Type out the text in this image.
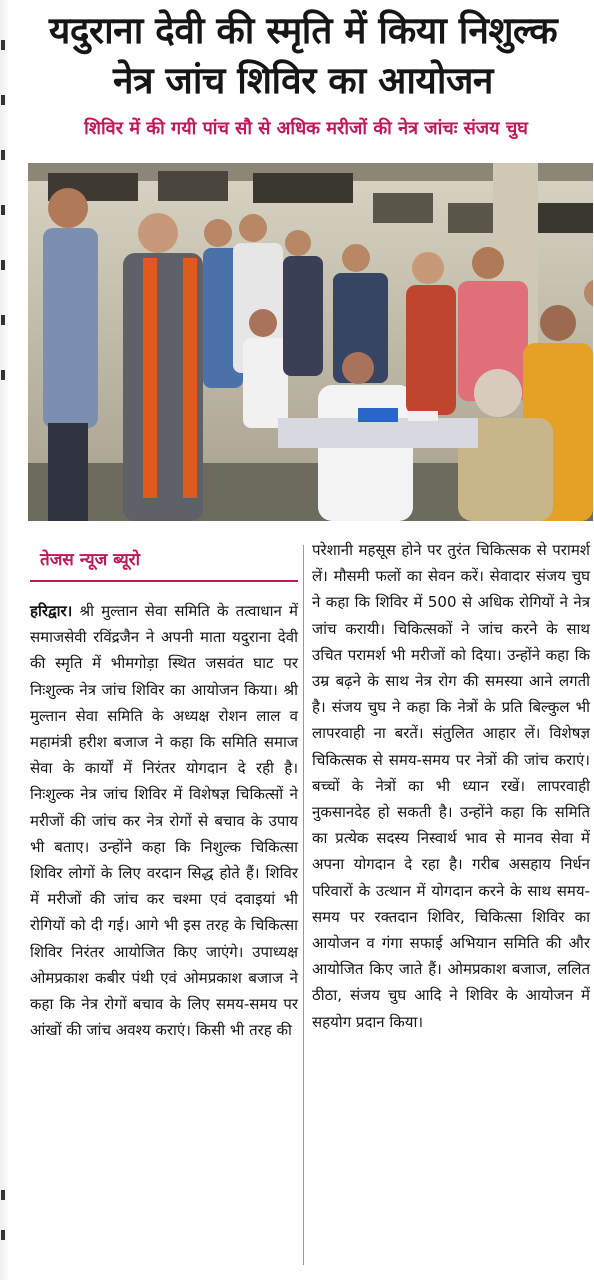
यदुराना देवी की स्मृति में किया निशुल्क
नेत्र जांच शिविर का आयोजन
शिविर में की गयी पांच सौ से अधिक मरीजों की नेत्र जांचः संजय चुघ
तेजस न्यूज ब्यूरो
हरिद्वार। श्री मुल्तान सेवा समिति के तत्वाधान में समाजसेवी रविंद्रजैन ने अपनी माता यदुराना देवी की स्मृति में भीमगोड़ा स्थित जसवंत घाट पर निःशुल्क नेत्र जांच शिविर का आयोजन किया। श्री मुल्तान सेवा समिति के अध्यक्ष रोशन लाल व महामंत्री हरीश बजाज ने कहा कि समिति समाज सेवा के कार्यों में निरंतर योगदान दे रही है। निःशुल्क नेत्र जांच शिविर में विशेषज्ञ चिकित्सों ने मरीजों की जांच कर नेत्र रोगों से बचाव के उपाय भी बताए। उन्होंने कहा कि निशुल्क चिकित्सा शिविर लोगों के लिए वरदान सिद्ध होते हैं। शिविर में मरीजों की जांच कर चश्मा एवं दवाइयां भी रोगियों को दी गई। आगे भी इस तरह के चिकित्सा शिविर निरंतर आयोजित किए जाएंगे। उपाध्यक्ष ओमप्रकाश कबीर पंथी एवं ओमप्रकाश बजाज ने कहा कि नेत्र रोगों बचाव के लिए समय-समय पर आंखों की जांच अवश्य कराएं। किसी भी तरह की
परेशानी महसूस होने पर तुरंत चिकित्सक से परामर्श लें। मौसमी फलों का सेवन करें। सेवादार संजय चुघ ने कहा कि शिविर में 500 से अधिक रोगियों ने नेत्र जांच करायी। चिकित्सकों ने जांच करने के साथ उचित परामर्श भी मरीजों को दिया। उन्होंने कहा कि उम्र बढ़ने के साथ नेत्र रोग की समस्या आने लगती है। संजय चुघ ने कहा कि नेत्रों के प्रति बिल्कुल भी लापरवाही ना बरतें। संतुलित आहार लें। विशेषज्ञ चिकित्सक से समय-समय पर नेत्रों की जांच कराएं। बच्चों के नेत्रों का भी ध्यान रखें। लापरवाही नुकसानदेह हो सकती है। उन्होंने कहा कि समिति का प्रत्येक सदस्य निस्वार्थ भाव से मानव सेवा में अपना योगदान दे रहा है। गरीब असहाय निर्धन परिवारों के उत्थान में योगदान करने के साथ समय-समय पर रक्तदान शिविर, चिकित्सा शिविर का आयोजन व गंगा सफाई अभियान समिति की और आयोजित किए जाते हैं। ओमप्रकाश बजाज, ललित ठीठा, संजय चुघ आदि ने शिविर के आयोजन में सहयोग प्रदान किया।
